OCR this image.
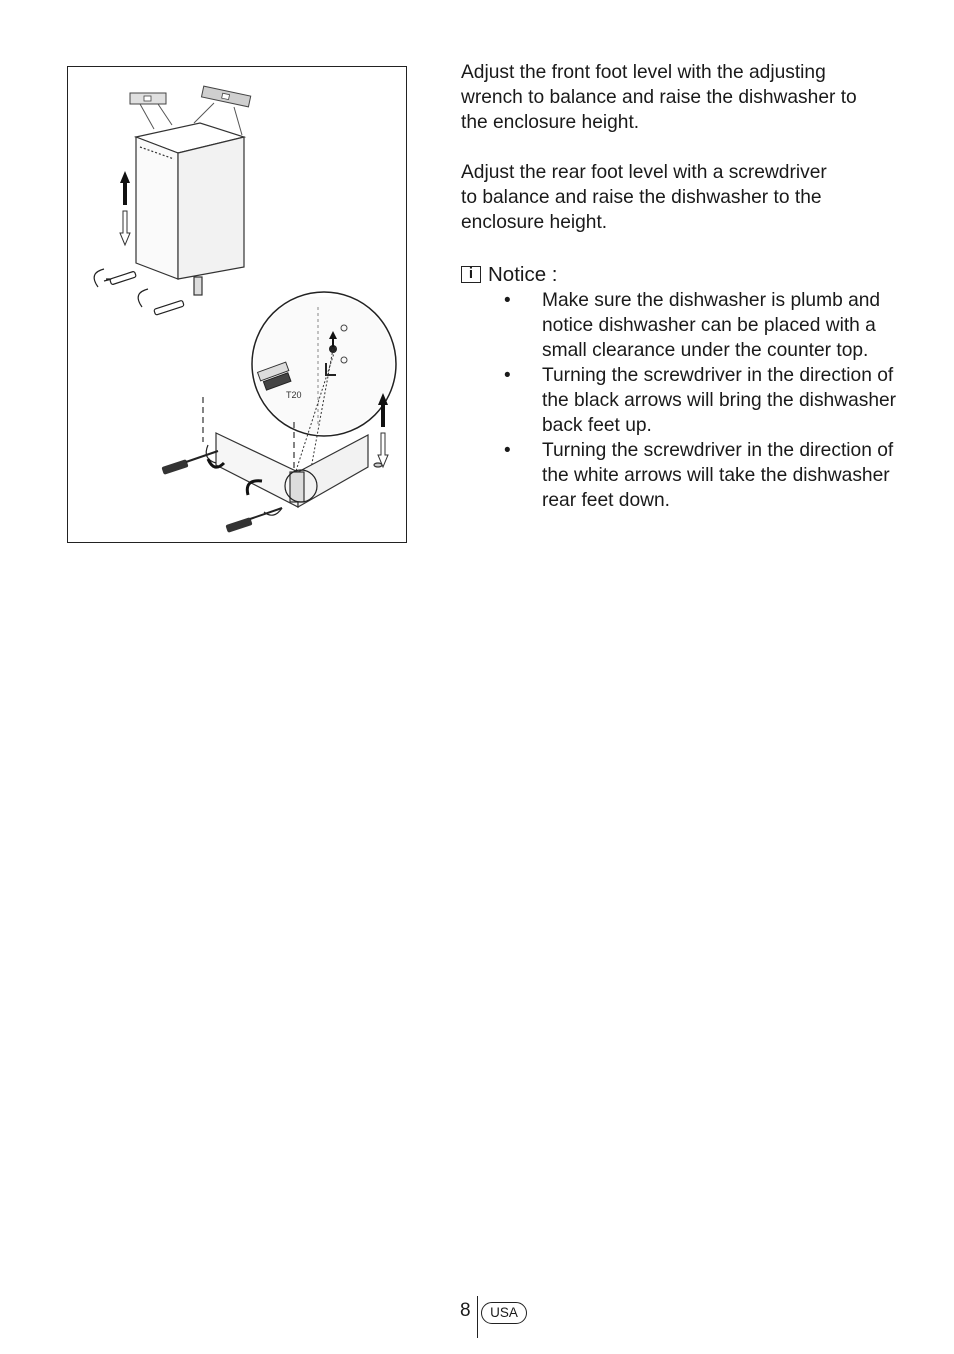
T20

Adjust the front foot level with the adjusting
wrench to balance and raise the dishwasher to
the enclosure height.

Adjust the rear foot level with a screwdriver
to balance and raise the dishwasher to the
enclosure height.

i Notice :
• Make sure the dishwasher is plumb and notice dishwasher can be placed with a small clearance under the counter top.
• Turning the screwdriver in the direction of the black arrows will bring the dishwasher back feet up.
• Turning the screwdriver in the direction of the white arrows will take the dishwasher rear feet down.
8	USA
